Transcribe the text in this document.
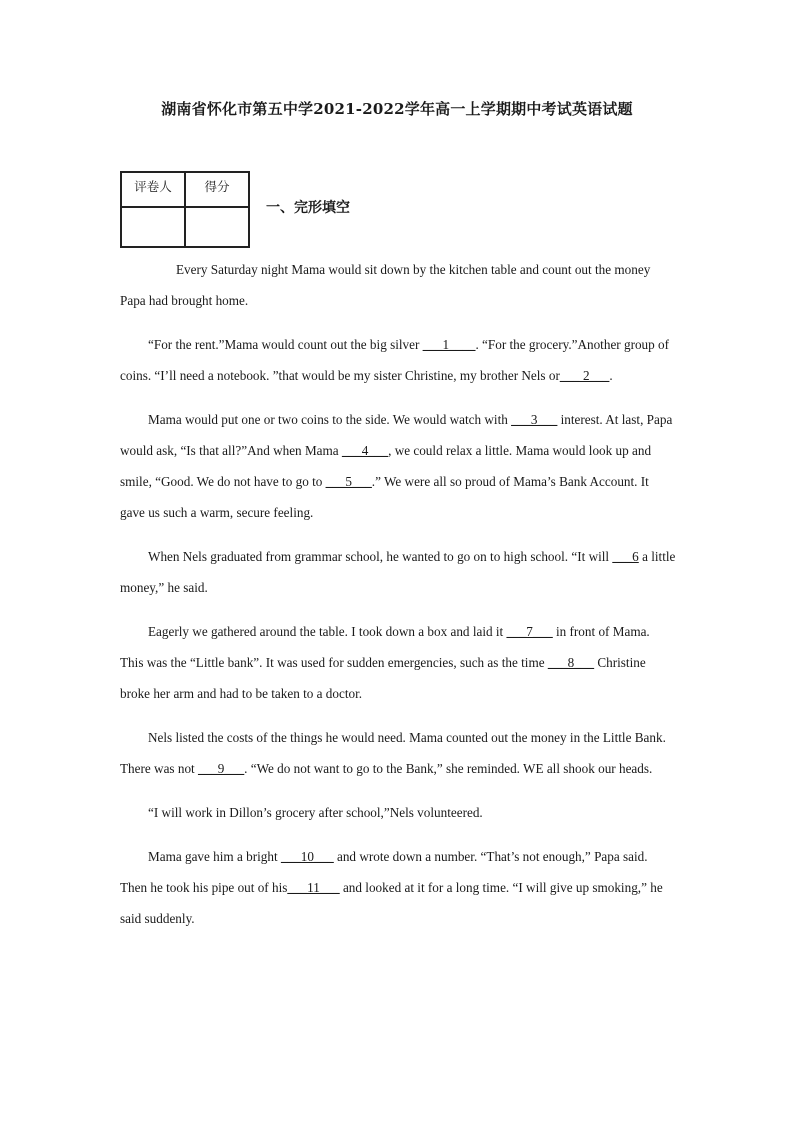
湖南省怀化市第五中学2021-2022学年高一上学期期中考试英语试题
评卷人	得分

一、完形填空

Every Saturday night Mama would sit down by the kitchen table and count out the money Papa had brought home.

“For the rent.”Mama would count out the big silver ___1____. “For the grocery.”Another group of coins. “I’ll need a notebook. ”that would be my sister Christine, my brother Nels or___ 2___.

Mama would put one or two coins to the side. We would watch with ___3___ interest. At last, Papa would ask, “Is that all?”And when Mama ___4___, we could relax a little. Mama would look up and smile, “Good. We do not have to go to ___5___.” We were all so proud of Mama’s Bank Account. It gave us such a warm, secure feeling.

When Nels graduated from grammar school, he wanted to go on to high school. “It will ___6 a little money,” he said.

Eagerly we gathered around the table. I took down a box and laid it ___7___ in front of Mama. This was the “Little bank”. It was used for sudden emergencies, such as the time ___8___ Christine broke her arm and had to be taken to a doctor.

Nels listed the costs of the things he would need. Mama counted out the money in the Little Bank. There was not ___9___. “We do not want to go to the Bank,” she reminded. WE all shook our heads.

“I will work in Dillon’s grocery after school,”Nels volunteered.

Mama gave him a bright ___10___ and wrote down a number. “That’s not enough,” Papa said. Then he took his pipe out of his___11___ and looked at it for a long time. “I will give up smoking,” he said suddenly.
